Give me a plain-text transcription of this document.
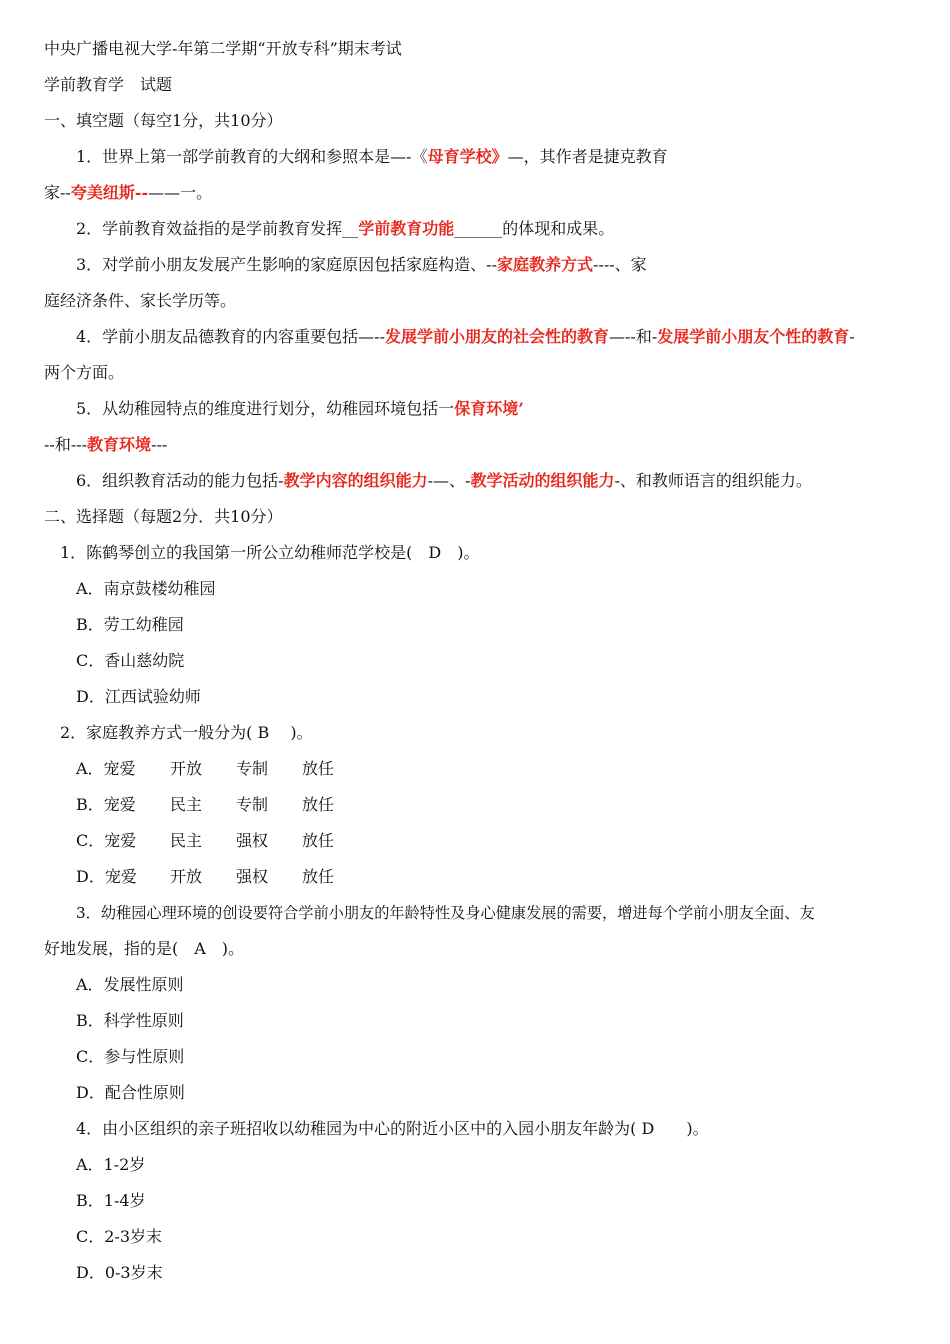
中央广播电视大学-年第二学期“开放专科”期末考试
学前教育学　试题
一、填空题（每空1分，共10分）
1．世界上第一部学前教育的大纲和参照本是—-《母育学校》—，其作者是捷克教育
家--夸美纽斯--——一。
2．学前教育效益指的是学前教育发挥__学前教育功能______的体现和成果。
3．对学前小朋友发展产生影响的家庭原因包括家庭构造、--家庭教养方式----、家
庭经济条件、家长学历等。
4．学前小朋友品德教育的内容重要包括—--发展学前小朋友的社会性的教育—--和-发展学前小朋友个性的教育-
两个方面。
5．从幼稚园特点的维度进行划分，幼稚园环境包括一保育环境’
--和---教育环境---
6．组织教育活动的能力包括-教学内容的组织能力-—、-教学活动的组织能力-、和教师语言的组织能力。
二、选择题（每题2分．共10分）
1．陈鹤琴创立的我国第一所公立幼稚师范学校是(　D　)。
A．南京鼓楼幼稚园
B．劳工幼稚园
C．香山慈幼院
D．江西试验幼师
2．家庭教养方式一般分为( B　 )。
A．宠爱 开放 专制 放任
B．宠爱 民主 专制 放任
C．宠爱 民主 强权 放任
D．宠爱 开放 强权 放任
3．幼稚园心理环境的创设要符合学前小朋友的年龄特性及身心健康发展的需要，增进每个学前小朋友全面、友
好地发展，指的是(　A　)。
A．发展性原则
B．科学性原则
C．参与性原则
D．配合性原则
4．由小区组织的亲子班招收以幼稚园为中心的附近小区中的入园小朋友年龄为( D　　)。
A．1-2岁
B．1-4岁
C．2-3岁末
D．0-3岁末
